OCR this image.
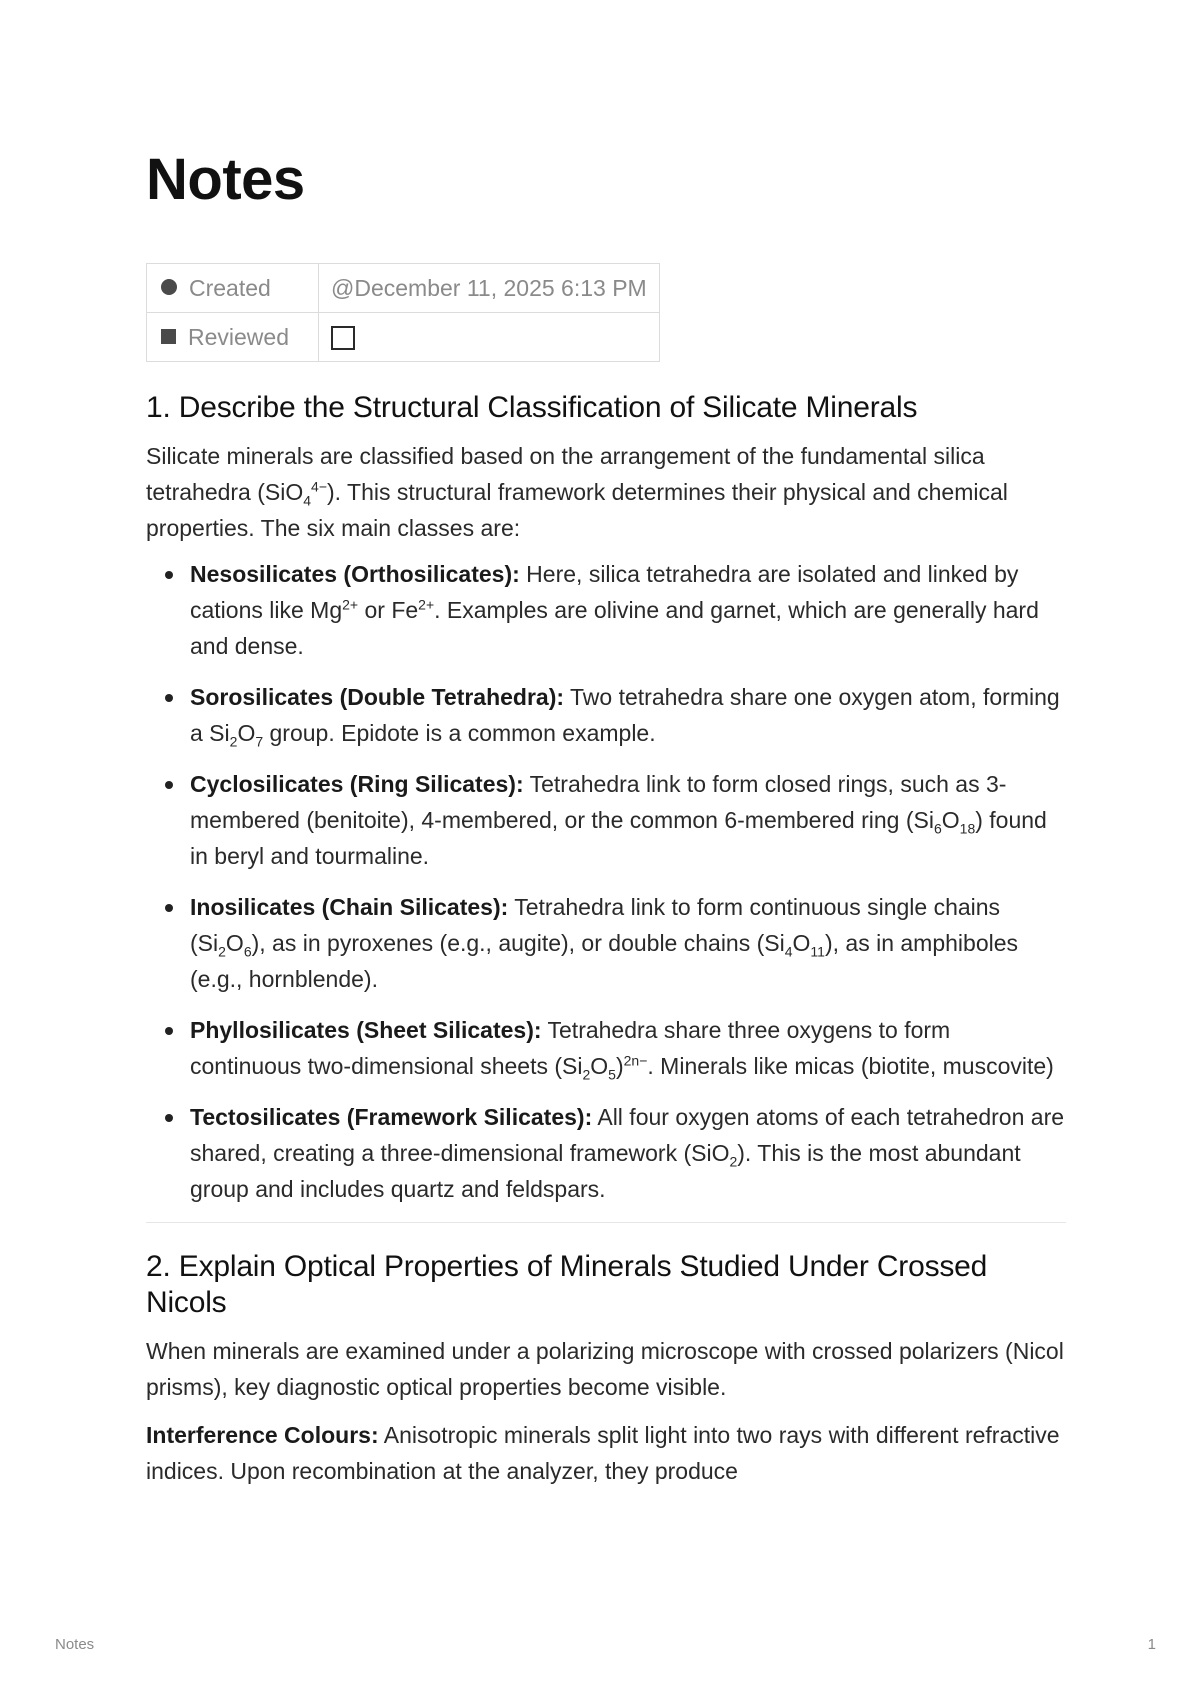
Notes
Created	@December 11, 2025 6:13 PM
Reviewed	
1. Describe the Structural Classification of Silicate Minerals

Silicate minerals are classified based on the arrangement of the fundamental silica tetrahedra (SiO$_4^{4-}$). This structural framework determines their physical and chemical properties. The six main classes are:

Nesosilicates (Orthosilicates): Here, silica tetrahedra are isolated and linked by cations like $Mg^{2+}$ or $Fe^{2+}$. Examples are olivine and garnet, which are generally hard and dense.
Sorosilicates (Double Tetrahedra): Two tetrahedra share one oxygen atom, forming a $Si_2O_7$ group. Epidote is a common example.
Cyclosilicates (Ring Silicates): Tetrahedra link to form closed rings, such as 3-membered (benitoite), 4-membered, or the common 6-membered ring $(Si_6O_{18})$ found in beryl and tourmaline.
Inosilicates (Chain Silicates): Tetrahedra link to form continuous single chains $(Si_2O_6)$, as in pyroxenes (e.g., augite), or double chains $(Si_4O_{11})$, as in amphiboles (e.g., hornblende).
Phyllosilicates (Sheet Silicates): Tetrahedra share three oxygens to form continuous two-dimensional sheets $(Si_2O_5)^{2n-}$. Minerals like micas (biotite, muscovite)
Tectosilicates (Framework Silicates): All four oxygen atoms of each tetrahedron are shared, creating a three-dimensional framework (SiO$_2$). This is the most abundant group and includes quartz and feldspars.
2. Explain Optical Properties of Minerals Studied Under Crossed Nicols

When minerals are examined under a polarizing microscope with crossed polarizers (Nicol prisms), key diagnostic optical properties become visible.

Interference Colours: Anisotropic minerals split light into two rays with different refractive indices. Upon recombination at the analyzer, they produce

Notes	1
